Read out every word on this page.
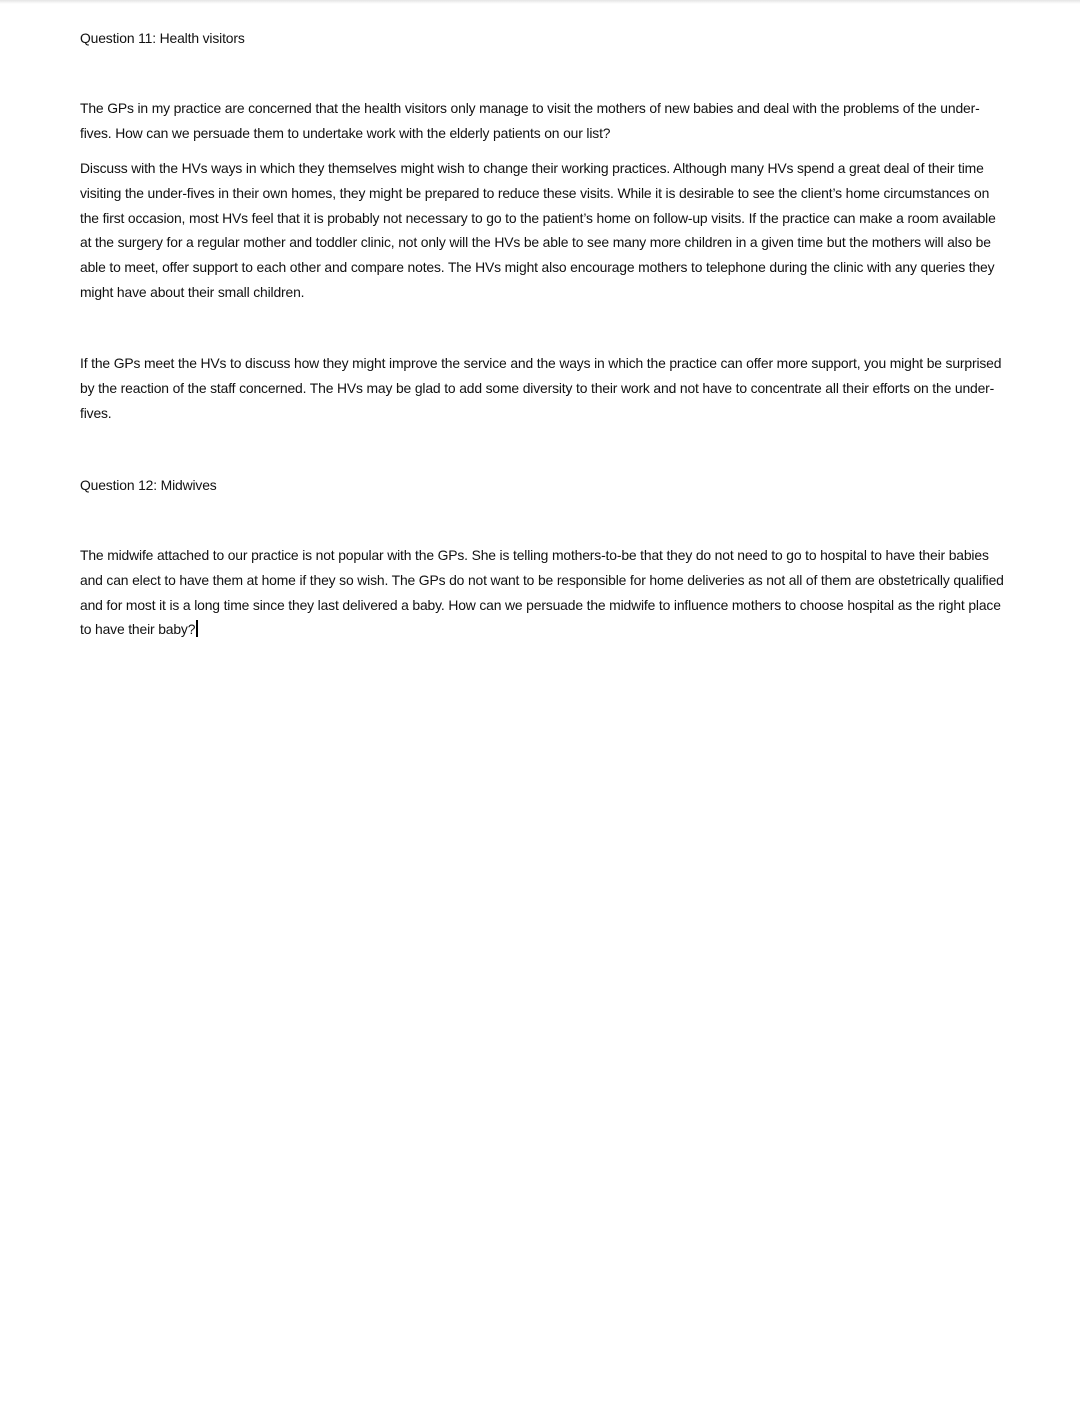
Question 11: Health visitors

The GPs in my practice are concerned that the health visitors only manage to visit the mothers of new babies and deal with the problems of the under-fives. How can we persuade them to undertake work with the elderly patients on our list?

Discuss with the HVs ways in which they themselves might wish to change their working practices. Although many HVs spend a great deal of their time visiting the under-fives in their own homes, they might be prepared to reduce these visits. While it is desirable to see the client’s home circumstances on the first occasion, most HVs feel that it is probably not necessary to go to the patient’s home on follow-up visits. If the practice can make a room available at the surgery for a regular mother and toddler clinic, not only will the HVs be able to see many more children in a given time but the mothers will also be able to meet, offer support to each other and compare notes. The HVs might also encourage mothers to telephone during the clinic with any queries they might have about their small children.

If the GPs meet the HVs to discuss how they might improve the service and the ways in which the practice can offer more support, you might be surprised by the reaction of the staff concerned. The HVs may be glad to add some diversity to their work and not have to concentrate all their efforts on the under-fives.

Question 12: Midwives

The midwife attached to our practice is not popular with the GPs. She is telling mothers-to-be that they do not need to go to hospital to have their babies and can elect to have them at home if they so wish. The GPs do not want to be responsible for home deliveries as not all of them are obstetrically qualified and for most it is a long time since they last delivered a baby. How can we persuade the midwife to influence mothers to choose hospital as the right place to have their baby?
